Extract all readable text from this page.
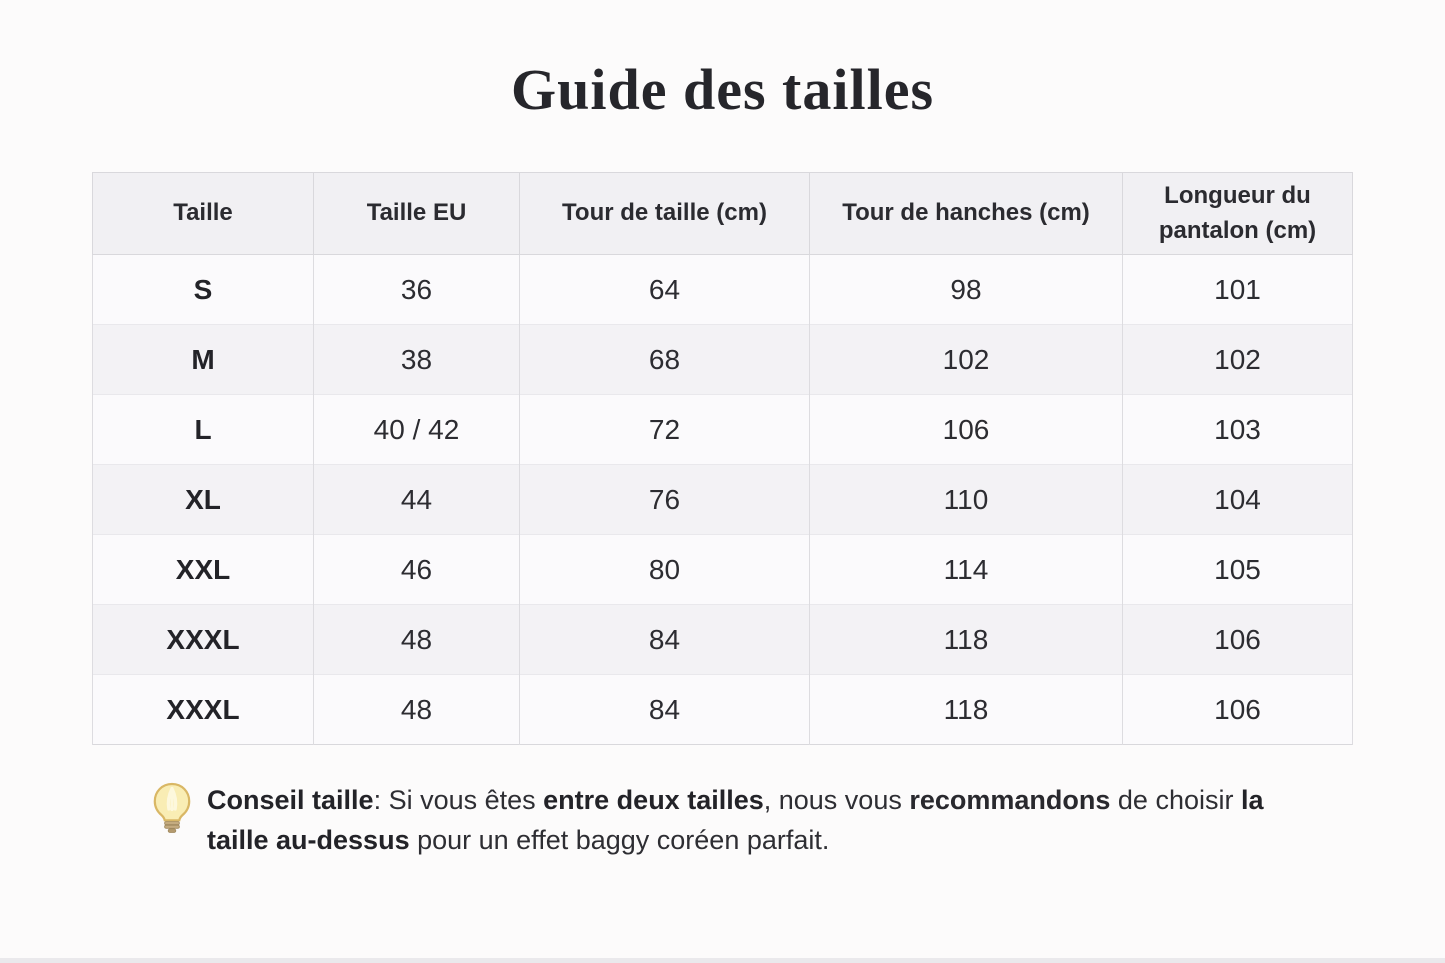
Guide des tailles
Taille	Taille EU	Tour de taille (cm)	Tour de hanches (cm)	Longueur du pantalon (cm)
S	36	64	98	101
M	38	68	102	102
L	40 / 42	72	106	103
XL	44	76	110	104
XXL	46	80	114	105
XXXL	48	84	118	106
XXXL	48	84	118	106

Conseil taille: Si vous êtes entre deux tailles, nous vous recommandons de choisir la taille au-dessus pour un effet baggy coréen parfait.
